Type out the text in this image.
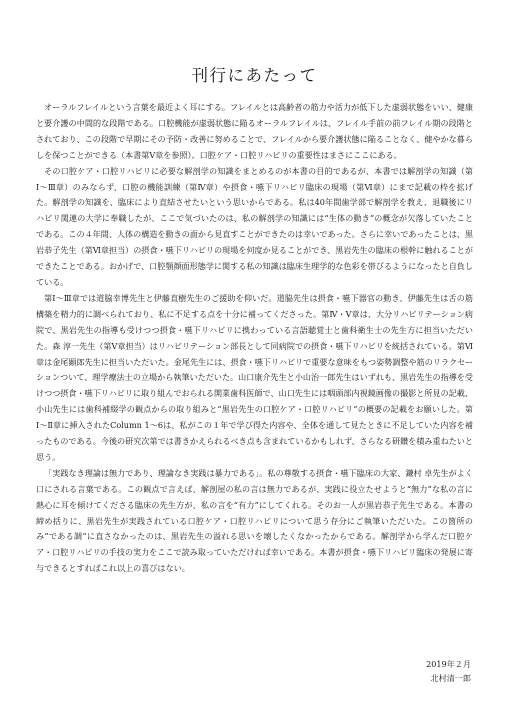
刊行にあたって

オーラルフレイルという言葉を最近よく耳にする。フレイルとは高齢者の筋力や活力が低下した虚弱状態をいい、健康と要介護の中間的な段階である。口腔機能が虚弱状態に陥るオーラルフレイルは、フレイル手前の前フレイル期の段階とされており、この段階で早期にその予防・改善に努めることで、フレイルから要介護状態に陥ることなく、健やかな暮らしを保つことができる（本書第Ⅴ章を参照）。口腔ケア・口腔リハビリの重要性はまさにここにある。

その口腔ケア・口腔リハビリに必要な解剖学の知識をまとめるのが本書の目的であるが、本書では解剖学の知識（第Ⅰ〜Ⅲ章）のみならず、口腔の機能訓練（第Ⅳ章）や摂食・嚥下リハビリ臨床の現場（第Ⅵ章）にまで記載の枠を拡げた。解剖学の知識を、臨床により直結させたいという思いからである。私は40年間歯学部で解剖学を教え、退職後にリハビリ関連の大学に奉職したが、ここで気づいたのは、私の解剖学の知識には“生体の動き”の概念が欠落していたことである。この４年間、人体の構造を動きの面から見直すことができたのは幸いであった。さらに幸いであったことは、黒岩恭子先生（第Ⅵ章担当）の摂食・嚥下リハビリの現場を何度か見ることができ、黒岩先生の臨床の根幹に触れることができたことである。おかげで、口腔顎顔面形態学に関する私の知識は臨床生理学的な色彩を帯びるようになったと自負している。

第Ⅰ〜Ⅲ章では道脇幸博先生と伊藤直樹先生のご援助を仰いだ。道脇先生は摂食・嚥下器官の動き、伊藤先生は舌の筋構築を精力的に調べられており、私に不足する点を十分に補ってくださった。第Ⅳ・Ⅴ章は、大分リハビリテーション病院で、黒岩先生の指導も受けつつ摂食・嚥下リハビリに携わっている言語聴覚士と歯科衛生士の先生方に担当いただいた。森 淳一先生（第Ⅴ章担当）はリハビリテーション部長として同病院での摂食・嚥下リハビリを統括されている。第Ⅵ章は金尾顕郎先生に担当いただいた。金尾先生には、摂食・嚥下リハビリで重要な意味をもつ姿勢調整や筋のリラクセーションついて、理学療法士の立場から執筆いただいた。山口康介先生と小山治一郎先生はいずれも、黒岩先生の指導を受けつつ摂食・嚥下リハビリに取り組んでおられる開業歯科医師で、山口先生には咽頭部内視鏡画像の撮影と所見の記載、小山先生には歯科補綴学の観点からの取り組みと“黒岩先生の口腔ケア・口腔リハビリ”の概要の記載をお願いした。第Ⅰ〜Ⅱ章に挿入されたColumn 1〜6は、私がこの１年で学び得た内容や、全体を通して見たときに不足していた内容を補ったものである。今後の研究次第では書きかえられるべき点も含まれているかもしれず、さらなる研鑽を積み重ねたいと思う。

「実践なき理論は無力であり、理論なき実践は暴力である」。私の尊敬する摂食・嚥下臨床の大家、鎌村 卓先生がよく口にされる言葉である。この観点で言えば、解剖屋の私の言は無力であるが、実践に役立たせようと“無力”な私の言に熱心に耳を傾けてくださる臨床の先生方が、私の言を“有力”にしてくれる。そのお一人が黒岩恭子先生である。本書の締め括りに、黒岩先生が実践されている口腔ケア・口腔リハビリについて思う存分にご執筆いただいた。この箇所のみ“である調”に直さなかったのは、黒岩先生の溢れる思いを壊したくなかったからである。解剖学から学んだ口腔ケア・口腔リハビリの手技の実力をここで読み取っていただければ幸いである。本書が摂食・嚥下リハビリ臨床の発展に寄与できるとすればこれ以上の喜びはない。

2019年２月
北村清一郎
